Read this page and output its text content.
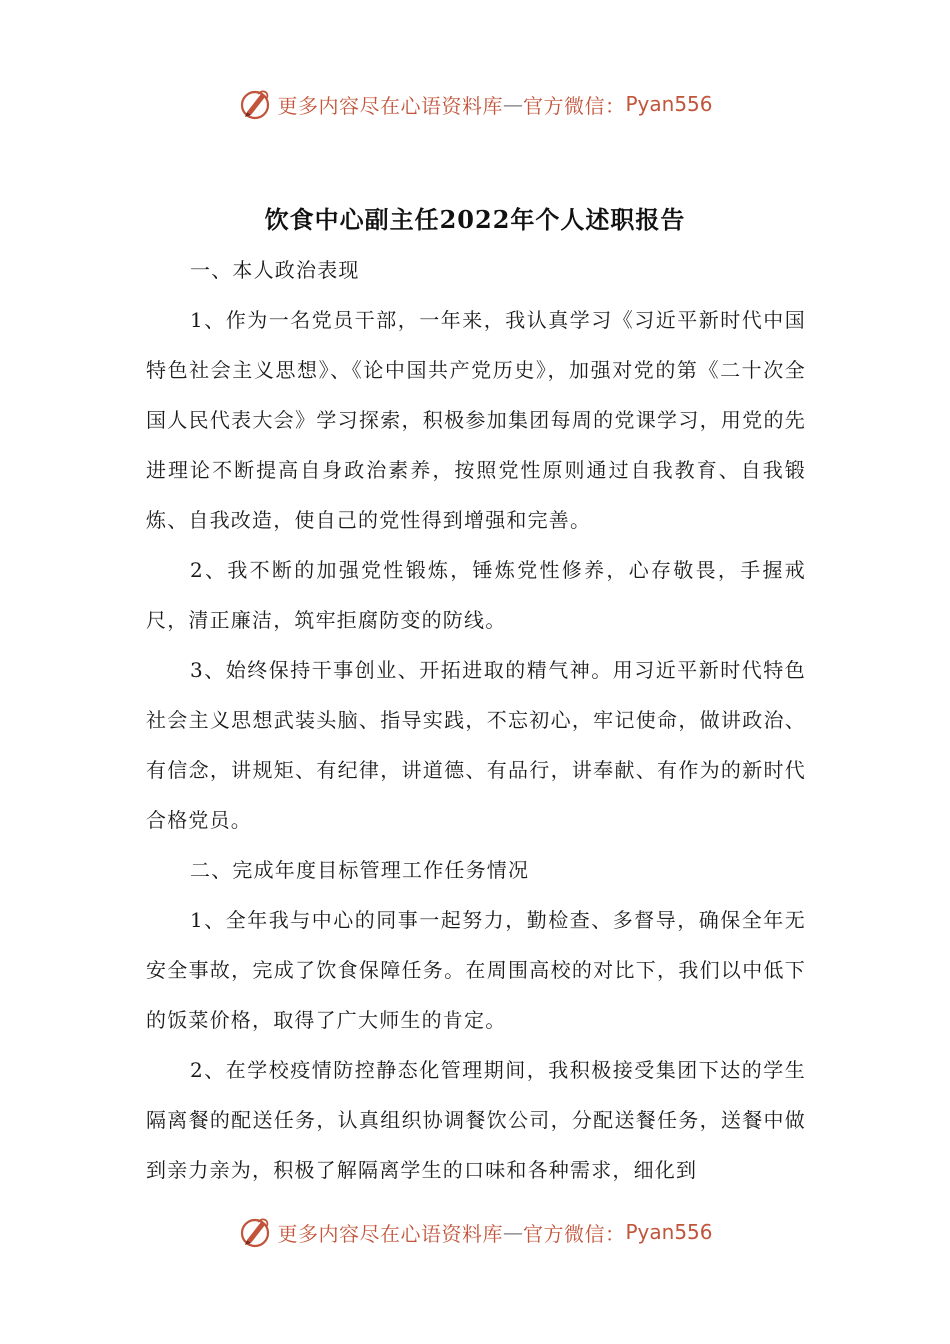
更多内容尽在心语资料库 — 官方微信： Pyan556
饮食中心副主任2022年个人述职报告

一、本人政治表现

1、作为一名党员干部，一年来，我认真学习《习近平新时代中国特色社会主义思想》、《论中国共产党历史》，加强对党的第《二十次全国人民代表大会》学习探索，积极参加集团每周的党课学习，用党的先进理论不断提高自身政治素养，按照党性原则通过自我教育、自我锻炼、自我改造，使自己的党性得到增强和完善。

2、我不断的加强党性锻炼，锤炼党性修养，心存敬畏，手握戒尺，清正廉洁，筑牢拒腐防变的防线。

3、始终保持干事创业、开拓进取的精气神。用习近平新时代特色社会主义思想武装头脑、指导实践，不忘初心，牢记使命，做讲政治、有信念，讲规矩、有纪律，讲道德、有品行，讲奉献、有作为的新时代合格党员。

二、完成年度目标管理工作任务情况

1、全年我与中心的同事一起努力，勤检查、多督导，确保全年无安全事故，完成了饮食保障任务。在周围高校的对比下，我们以中低下的饭菜价格，取得了广大师生的肯定。

2、在学校疫情防控静态化管理期间，我积极接受集团下达的学生隔离餐的配送任务，认真组织协调餐饮公司，分配送餐任务，送餐中做到亲力亲为，积极了解隔离学生的口味和各种需求，细化到

更多内容尽在心语资料库 — 官方微信： Pyan556
